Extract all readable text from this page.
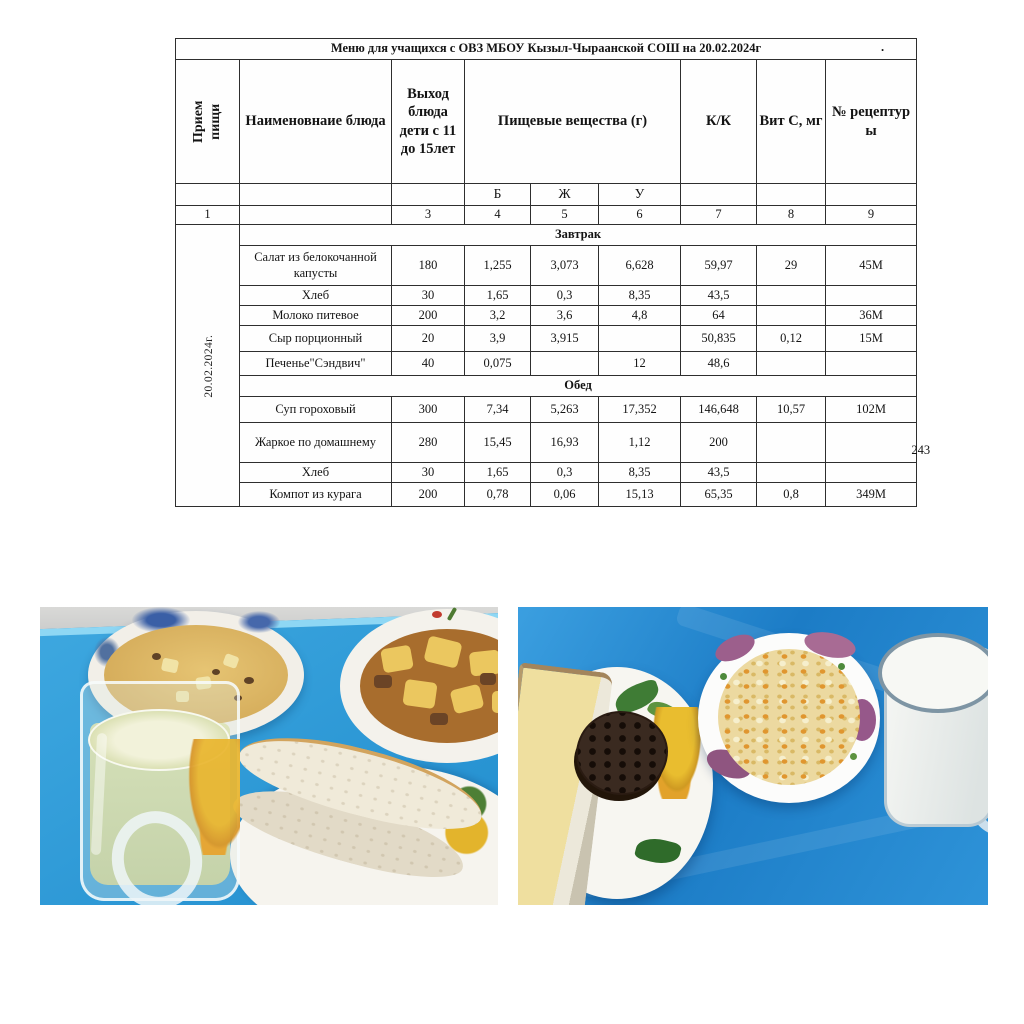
Меню для учащихся с ОВЗ МБОУ Кызыл-Чыраанской СОШ на 20.02.2024г .								

Прием пищи	Наименовнаие блюда	Выход блюда дети с 11 до 15лет	Пищевые вещества (г)			К/К	Вит С, мг	№ рецептуры
			Б	Ж	У			
1		3	4	5	6	7	8	9
20.02.2024г.	Завтрак							
	Салат из белокочанной капусты	180	1,255	3,073	6,628	59,97	29	45М
	Хлеб	30	1,65	0,3	8,35	43,5		
	Молоко питевое	200	3,2	3,6	4,8	64		36М
	Сыр порционный	20	3,9	3,915		50,835	0,12	15М
	Печенье"Сэндвич"	40	0,075		12	48,6		
	Обед							
	Суп гороховый	300	7,34	5,263	17,352	146,648	10,57	102М
	Жаркое по домашнему	280	15,45	16,93	1,12	200		243

	Хлеб	30	1,65	0,3	8,35	43,5		
	Компот из курага	200	0,78	0,06	15,13	65,35	0,8	349М
